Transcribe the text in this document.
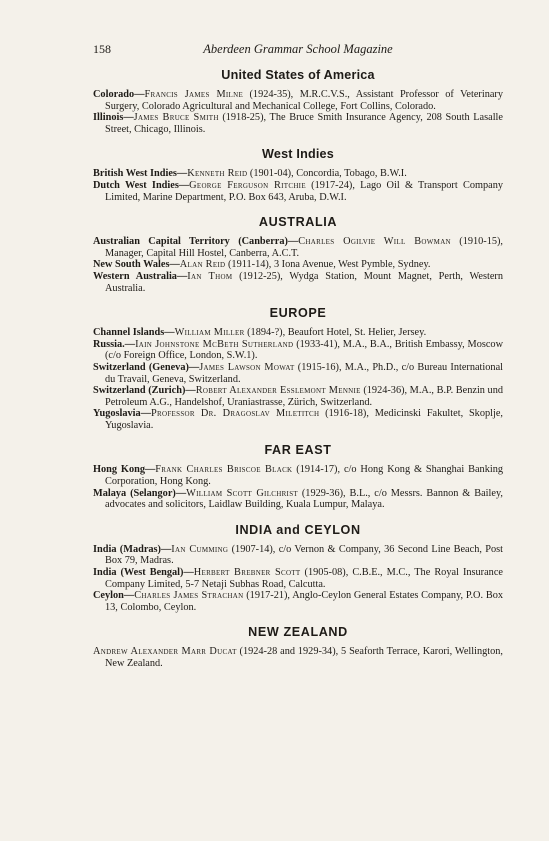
158	Aberdeen Grammar School Magazine
United States of America

Colorado—Francis James Milne (1924-35), M.R.C.V.S., Assistant Professor of Veterinary Surgery, Colorado Agricultural and Mechanical College, Fort Collins, Colorado.

Illinois—James Bruce Smith (1918-25), The Bruce Smith Insurance Agency, 208 South Lasalle Street, Chicago, Illinois.

West Indies

British West Indies—Kenneth Reid (1901-04), Concordia, Tobago, B.W.I.

Dutch West Indies—George Ferguson Ritchie (1917-24), Lago Oil & Transport Company Limited, Marine Department, P.O. Box 643, Aruba, D.W.I.

AUSTRALIA

Australian Capital Territory (Canberra)—Charles Ogilvie Will Bowman (1910-15), Manager, Capital Hill Hostel, Canberra, A.C.T.

New South Wales—Alan Reid (1911-14), 3 Iona Avenue, West Pymble, Sydney.

Western Australia—Ian Thom (1912-25), Wydga Station, Mount Magnet, Perth, Western Australia.

EUROPE

Channel Islands—William Miller (1894-?), Beaufort Hotel, St. Helier, Jersey.

Russia.—Iain Johnstone McBeth Sutherland (1933-41), M.A., B.A., British Embassy, Moscow (c/o Foreign Office, London, S.W.1).

Switzerland (Geneva)—James Lawson Mowat (1915-16), M.A., Ph.D., c/o Bureau International du Travail, Geneva, Switzerland.

Switzerland (Zurich)—Robert Alexander Esslemont Mennie (1924-36), M.A., B.P. Benzin und Petroleum A.G., Handelshof, Uraniastrasse, Zürich, Switzerland.

Yugoslavia—Professor Dr. Dragoslav Miletitch (1916-18), Medicinski Fakultet, Skoplje, Yugoslavia.

FAR EAST

Hong Kong—Frank Charles Briscoe Black (1914-17), c/o Hong Kong & Shanghai Banking Corporation, Hong Kong.

Malaya (Selangor)—William Scott Gilchrist (1929-36), B.L., c/o Messrs. Bannon & Bailey, advocates and solicitors, Laidlaw Building, Kuala Lumpur, Malaya.

INDIA and CEYLON

India (Madras)—Ian Cumming (1907-14), c/o Vernon & Company, 36 Second Line Beach, Post Box 79, Madras.

India (West Bengal)—Herbert Brebner Scott (1905-08), C.B.E., M.C., The Royal Insurance Company Limited, 5-7 Netaji Subhas Road, Calcutta.

Ceylon—Charles James Strachan (1917-21), Anglo-Ceylon General Estates Company, P.O. Box 13, Colombo, Ceylon.

NEW ZEALAND

Andrew Alexander Marr Ducat (1924-28 and 1929-34), 5 Seaforth Terrace, Karori, Wellington, New Zealand.
